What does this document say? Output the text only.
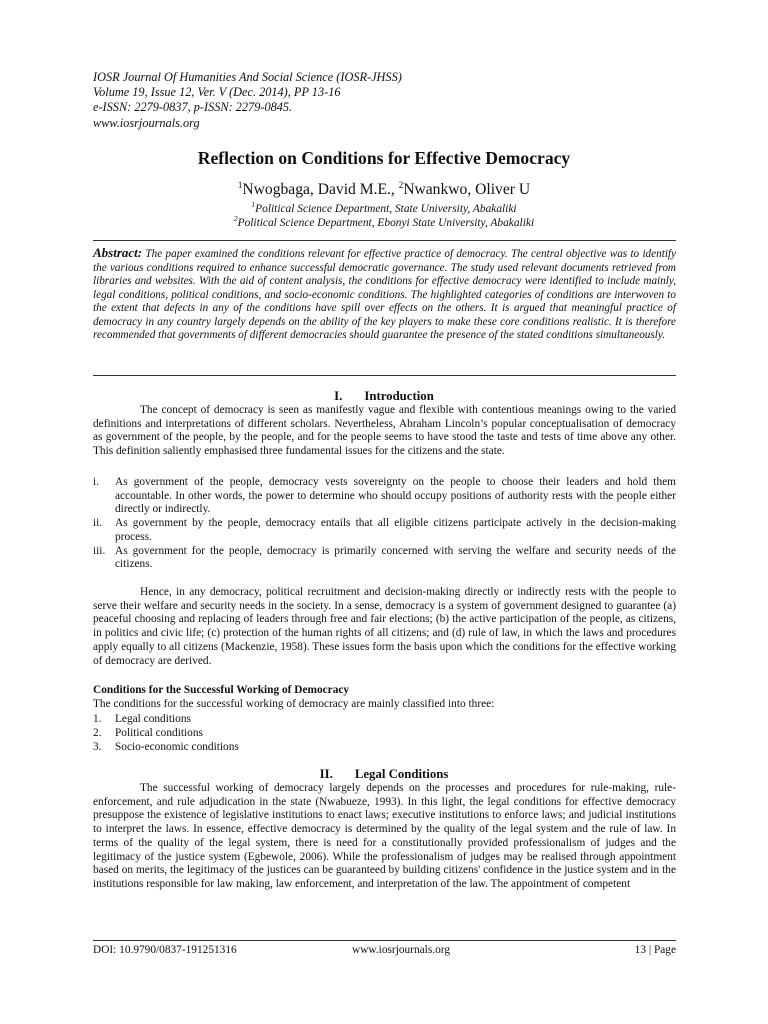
IOSR Journal Of Humanities And Social Science (IOSR-JHSS)
Volume 19, Issue 12, Ver. V (Dec. 2014), PP 13-16
e-ISSN: 2279-0837, p-ISSN: 2279-0845.
www.iosrjournals.org
Reflection on Conditions for Effective Democracy
$^1$Nwogbaga, David M.E., $^2$Nwankwo, Oliver U
$^1$Political Science Department, State University, Abakaliki
$^2$Political Science Department, Ebonyi State University, Abakaliki

Abstract: The paper examined the conditions relevant for effective practice of democracy. The central objective was to identify the various conditions required to enhance successful democratic governance. The study used relevant documents retrieved from libraries and websites. With the aid of content analysis, the conditions for effective democracy were identified to include mainly, legal conditions, political conditions, and socio-economic conditions. The highlighted categories of conditions are interwoven to the extent that defects in any of the conditions have spill over effects on the others. It is argued that meaningful practice of democracy in any country largely depends on the ability of the key players to make these core conditions realistic. It is therefore recommended that governments of different democracies should guarantee the presence of the stated conditions simultaneously.

I. Introduction

The concept of democracy is seen as manifestly vague and flexible with contentious meanings owing to the varied definitions and interpretations of different scholars. Nevertheless, Abraham Lincoln’s popular conceptualisation of democracy as government of the people, by the people, and for the people seems to have stood the taste and tests of time above any other. This definition saliently emphasised three fundamental issues for the citizens and the state.

i. As government of the people, democracy vests sovereignty on the people to choose their leaders and hold them accountable. In other words, the power to determine who should occupy positions of authority rests with the people either directly or indirectly.
ii. As government by the people, democracy entails that all eligible citizens participate actively in the decision-making process.
iii. As government for the people, democracy is primarily concerned with serving the welfare and security needs of the citizens.

Hence, in any democracy, political recruitment and decision-making directly or indirectly rests with the people to serve their welfare and security needs in the society. In a sense, democracy is a system of government designed to guarantee (a) peaceful choosing and replacing of leaders through free and fair elections; (b) the active participation of the people, as citizens, in politics and civic life; (c) protection of the human rights of all citizens; and (d) rule of law, in which the laws and procedures apply equally to all citizens (Mackenzie, 1958). These issues form the basis upon which the conditions for the effective working of democracy are derived.

Conditions for the Successful Working of Democracy
The conditions for the successful working of democracy are mainly classified into three:
1. Legal conditions
2. Political conditions
3. Socio-economic conditions
II. Legal Conditions

The successful working of democracy largely depends on the processes and procedures for rule-making, rule-enforcement, and rule adjudication in the state (Nwabueze, 1993). In this light, the legal conditions for effective democracy presuppose the existence of legislative institutions to enact laws; executive institutions to enforce laws; and judicial institutions to interpret the laws. In essence, effective democracy is determined by the quality of the legal system and the rule of law. In terms of the quality of the legal system, there is need for a constitutionally provided professionalism of judges and the legitimacy of the justice system (Egbewole, 2006). While the professionalism of judges may be realised through appointment based on merits, the legitimacy of the justices can be guaranteed by building citizens' confidence in the justice system and in the institutions responsible for law making, law enforcement, and interpretation of the law. The appointment of competent

DOI: 10.9790/0837-191251316	www.iosrjournals.org	13 | Page
